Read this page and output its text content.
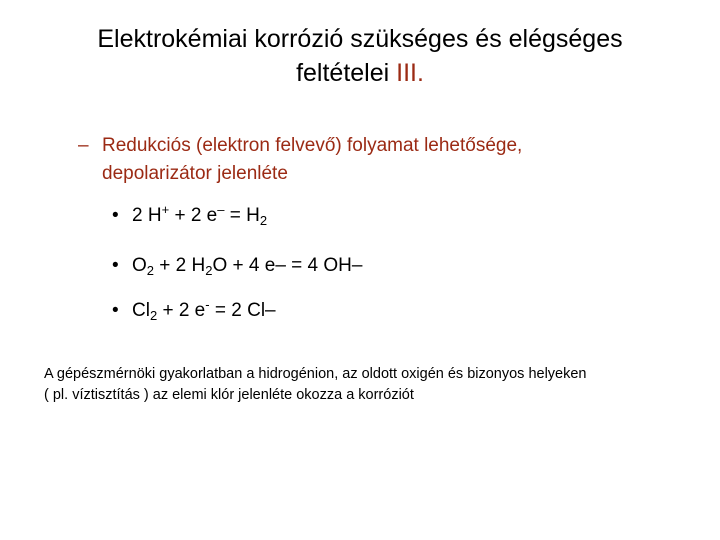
Elektrokémiai korrózió szükséges és elégséges
feltételei III.
– Redukciós (elektron felvevő) folyamat lehetősége,
depolarizátor jelenléte
• 2 H+ + 2 $e^- = H_2$
• $O_2 + 2$ $H_2O + 4$ e– = 4 OH–
• $Cl_2 + 2$ e- = 2 Cl–
A gépészmérnöki gyakorlatban a hidrogénion, az oldott oxigén és bizonyos helyeken
( pl. víztisztítás ) az elemi klór jelenléte okozza a korróziót
